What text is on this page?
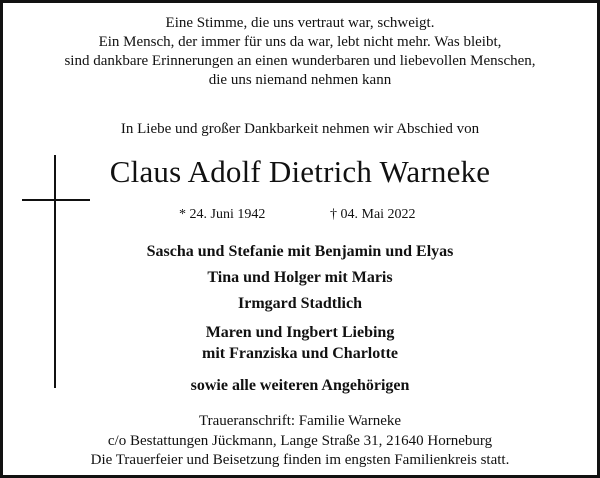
Eine Stimme, die uns vertraut war, schweigt.
Ein Mensch, der immer für uns da war, lebt nicht mehr. Was bleibt,
sind dankbare Erinnerungen an einen wunderbaren und liebevollen Menschen,
die uns niemand nehmen kann
In Liebe und großer Dankbarkeit nehmen wir Abschied von
Claus Adolf Dietrich Warneke
* 24. Juni 1942	† 04. Mai 2022
Sascha und Stefanie mit Benjamin und Elyas
Tina und Holger mit Maris
Irmgard Stadtlich
Maren und Ingbert Liebing
mit Franziska und Charlotte
sowie alle weiteren Angehörigen
Traueranschrift: Familie Warneke
c/o Bestattungen Jückmann, Lange Straße 31, 21640 Horneburg
Die Trauerfeier und Beisetzung finden im engsten Familienkreis statt.
